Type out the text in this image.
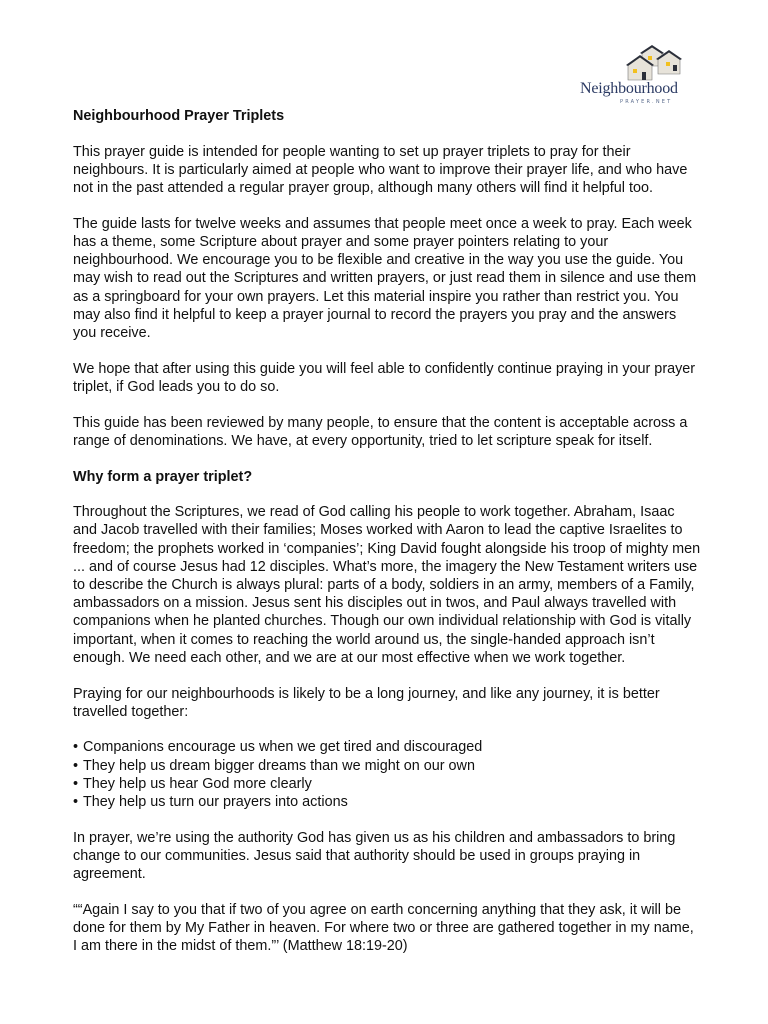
Neighbourhood
PRAYER.NET
Neighbourhood Prayer Triplets

This prayer guide is intended for people wanting to set up prayer triplets to pray for their neighbours. It is particularly aimed at people who want to improve their prayer life, and who have not in the past attended a regular prayer group, although many others will find it helpful too.

The guide lasts for twelve weeks and assumes that people meet once a week to pray. Each week has a theme, some Scripture about prayer and some prayer pointers relating to your neighbourhood. We encourage you to be flexible and creative in the way you use the guide. You may wish to read out the Scriptures and written prayers, or just read them in silence and use them as a springboard for your own prayers. Let this material inspire you rather than restrict you. You may also find it helpful to keep a prayer journal to record the prayers you pray and the answers you receive.

We hope that after using this guide you will feel able to confidently continue praying in your prayer triplet, if God leads you to do so.

This guide has been reviewed by many people, to ensure that the content is acceptable across a range of denominations. We have, at every opportunity, tried to let scripture speak for itself.

Why form a prayer triplet?

Throughout the Scriptures, we read of God calling his people to work together. Abraham, Isaac and Jacob travelled with their families; Moses worked with Aaron to lead the captive Israelites to freedom; the prophets worked in ‘companies’; King David fought alongside his troop of mighty men ... and of course Jesus had 12 disciples. What’s more, the imagery the New Testament writers use to describe the Church is always plural: parts of a body, soldiers in an army, members of a Family, ambassadors on a mission. Jesus sent his disciples out in twos, and Paul always travelled with companions when he planted churches. Though our own individual relationship with God is vitally important, when it comes to reaching the world around us, the single-handed approach isn’t enough. We need each other, and we are at our most effective when we work together.

Praying for our neighbourhoods is likely to be a long journey, and like any journey, it is better travelled together:

• Companions encourage us when we get tired and discouraged
• They help us dream bigger dreams than we might on our own
• They help us hear God more clearly
• They help us turn our prayers into actions

In prayer, we’re using the authority God has given us as his children and ambassadors to bring change to our communities. Jesus said that authority should be used in groups praying in agreement.

““Again I say to you that if two of you agree on earth concerning anything that they ask, it will be done for them by My Father in heaven. For where two or three are gathered together in my name, I am there in the midst of them.”’ (Matthew 18:19-20)
